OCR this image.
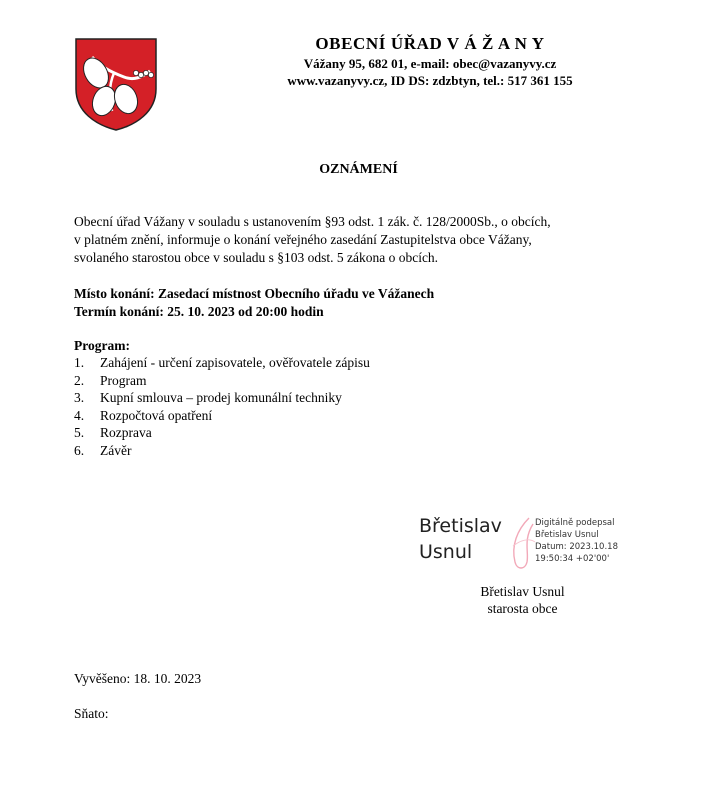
OBECNÍ ÚŘAD V Á Ž A N Y
Vážany 95, 682 01, e-mail: obec@vazanyvy.cz
www.vazanyvy.cz, ID DS: zdzbtyn, tel.: 517 361 155
OZNÁMENÍ
Obecní úřad Vážany v souladu s ustanovením §93 odst. 1 zák. č. 128/2000Sb., o obcích,
v platném znění, informuje o konání veřejného zasedání Zastupitelstva obce Vážany,
svolaného starostou obce v souladu s §103 odst. 5 zákona o obcích.
Místo konání: Zasedací místnost Obecního úřadu ve Vážanech
Termín konání: 25. 10. 2023 od 20:00 hodin
Program:
1. Zahájení - určení zapisovatele, ověřovatele zápisu
2. Program
3. Kupní smlouva – prodej komunální techniky
4. Rozpočtová opatření
5. Rozprava
6. Závěr
Břetislav
Usnul
Digitálně podepsal
Břetislav Usnul
Datum: 2023.10.18
19:50:34 +02'00'
Břetislav Usnul
starosta obce
Vyvěšeno: 18. 10. 2023
Sňato:
